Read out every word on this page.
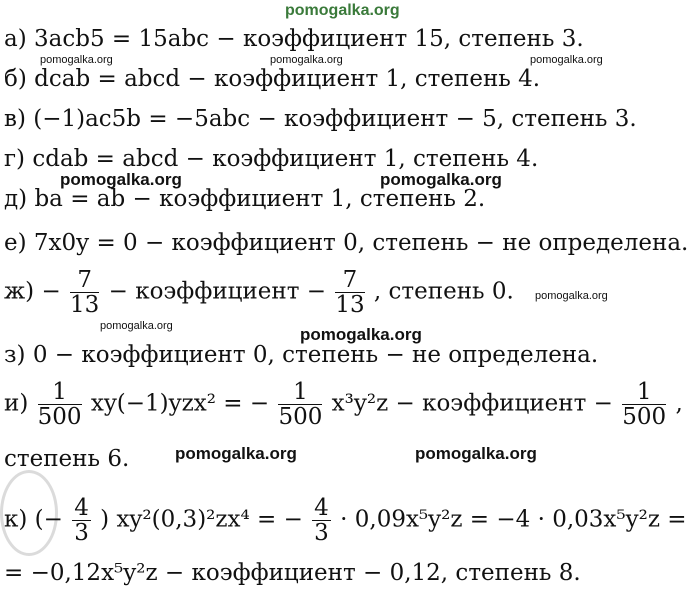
pomogalka.org
а) 3acb5 = 15abc − коэффициент 15, степень 3.
pomogalka.org	pomogalka.org	pomogalka.org
б) dcab = abcd − коэффициент 1, степень 4.
в) (−1)ac5b = −5abc − коэффициент − 5, степень 3.
г) cdab = abcd − коэффициент 1, степень 4.
pomogalka.org	pomogalka.org
д) ba = ab − коэффициент 1, степень 2.
е) 7x0y = 0 − коэффициент 0, степень − не определена.
$ж) - \frac{7}{13}$ − коэффициент − $\frac{7}{13}$ , степень 0. pomogalka.org
pomogalka.org	pomogalka.org
з) 0 − коэффициент 0, степень − не определена.
$и) \frac{1}{500} xy(-1)yzx^2$ = − $\frac{1}{500} x^3y^2z$ − коэффициент − $\frac{1}{500}$ ,
степень 6.	pomogalka.org	pomogalka.org
к) (− $\frac{4}{3}$ ) xy²(0,3)²zx⁴ = − $\frac{4}{3} \cdot 0,09x^5y^2z = -4 \cdot 0,03x^5y^2z$ =
= −0,12x⁵y²z − коэффициент − 0,12, степень 8.
